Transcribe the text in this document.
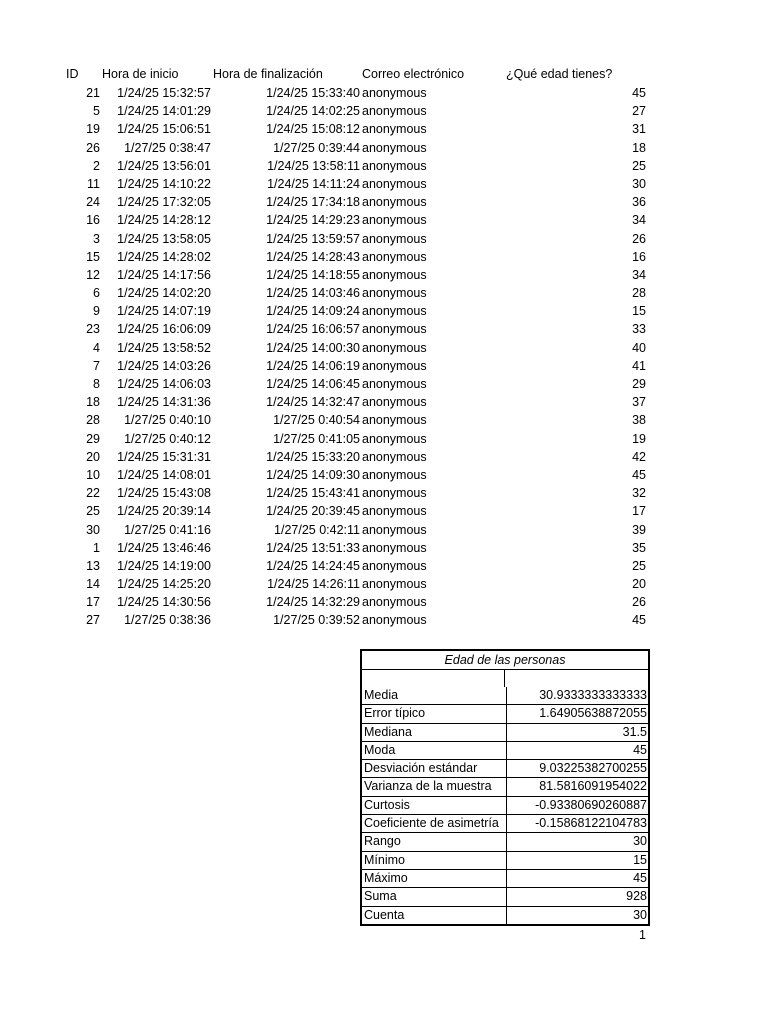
ID Hora de inicio	Hora de finalización	Correo electrónico	¿Qué edad tienes?
21 1/24/25 15:32:57	1/24/25 15:33:40 anonymous	45
5 1/24/25 14:01:29	1/24/25 14:02:25 anonymous	27
19 1/24/25 15:06:51	1/24/25 15:08:12 anonymous	31
26 1/27/25 0:38:47	1/27/25 0:39:44 anonymous	18
2 1/24/25 13:56:01	1/24/25 13:58:11 anonymous	25
11 1/24/25 14:10:22	1/24/25 14:11:24 anonymous	30
24 1/24/25 17:32:05	1/24/25 17:34:18 anonymous	36
16 1/24/25 14:28:12	1/24/25 14:29:23 anonymous	34
3 1/24/25 13:58:05	1/24/25 13:59:57 anonymous	26
15 1/24/25 14:28:02	1/24/25 14:28:43 anonymous	16
12 1/24/25 14:17:56	1/24/25 14:18:55 anonymous	34
6 1/24/25 14:02:20	1/24/25 14:03:46 anonymous	28
9 1/24/25 14:07:19	1/24/25 14:09:24 anonymous	15
23 1/24/25 16:06:09	1/24/25 16:06:57 anonymous	33
4 1/24/25 13:58:52	1/24/25 14:00:30 anonymous	40
7 1/24/25 14:03:26	1/24/25 14:06:19 anonymous	41
8 1/24/25 14:06:03	1/24/25 14:06:45 anonymous	29
18 1/24/25 14:31:36	1/24/25 14:32:47 anonymous	37
28 1/27/25 0:40:10	1/27/25 0:40:54 anonymous	38
29 1/27/25 0:40:12	1/27/25 0:41:05 anonymous	19
20 1/24/25 15:31:31	1/24/25 15:33:20 anonymous	42
10 1/24/25 14:08:01	1/24/25 14:09:30 anonymous	45
22 1/24/25 15:43:08	1/24/25 15:43:41 anonymous	32
25 1/24/25 20:39:14	1/24/25 20:39:45 anonymous	17
30 1/27/25 0:41:16	1/27/25 0:42:11 anonymous	39
1 1/24/25 13:46:46	1/24/25 13:51:33 anonymous	35
13 1/24/25 14:19:00	1/24/25 14:24:45 anonymous	25
14 1/24/25 14:25:20	1/24/25 14:26:11 anonymous	20
17 1/24/25 14:30:56	1/24/25 14:32:29 anonymous	26
27 1/27/25 0:38:36	1/27/25 0:39:52 anonymous	45
Edad de las personas
Media	30.9333333333333
Error típico	1.64905638872055
Mediana	31.5
Moda	45
Desviación estándar	9.03225382700255
Varianza de la muestra	81.5816091954022
Curtosis	-0.93380690260887
Coeficiente de asimetría	-0.15868122104783
Rango	30
Mínimo	15
Máximo	45
Suma	928
Cuenta	30
1
